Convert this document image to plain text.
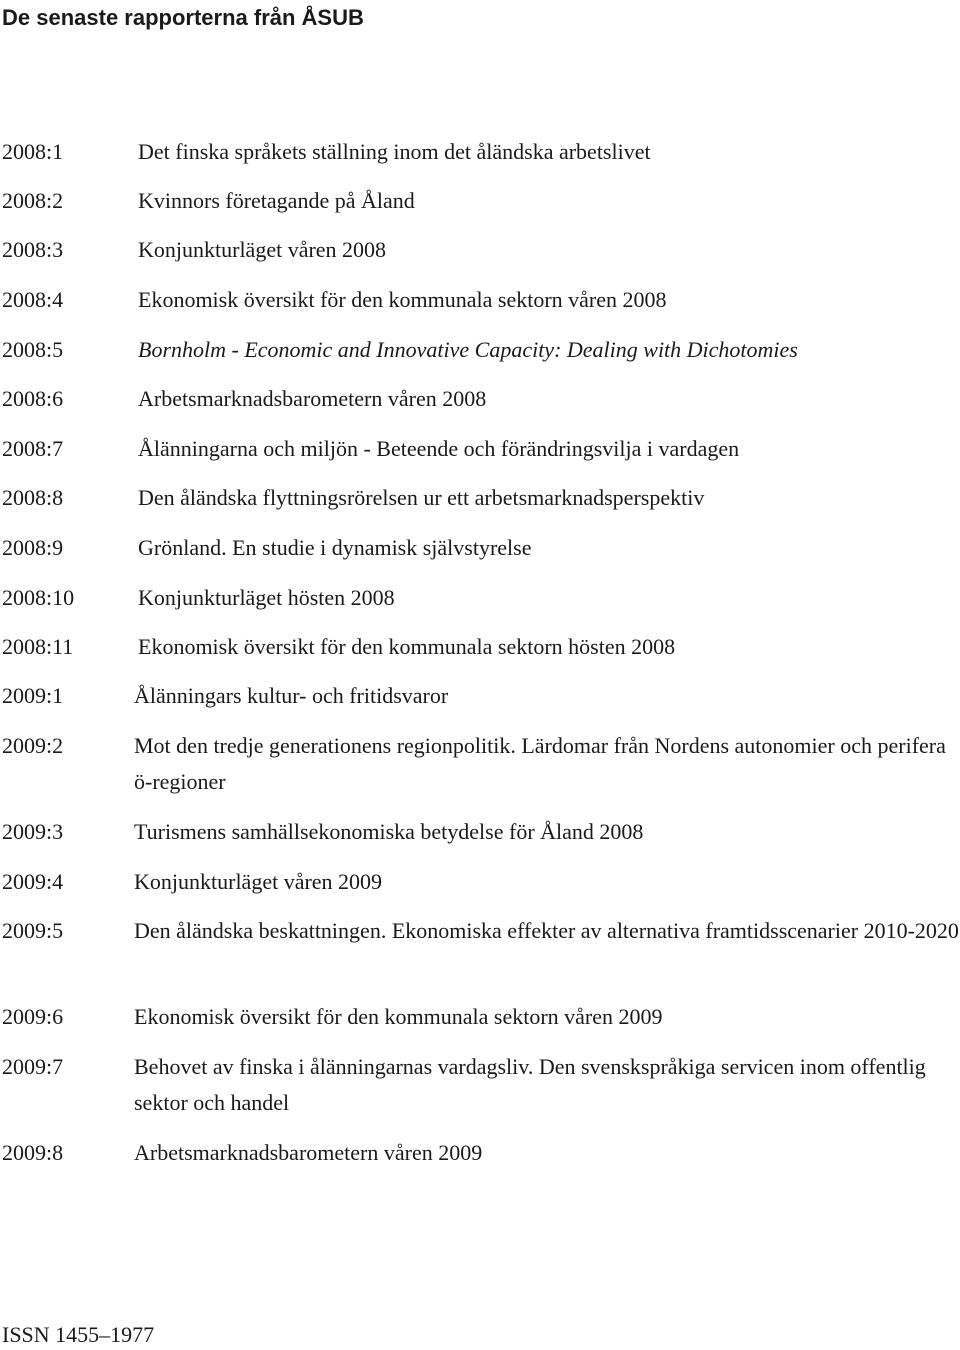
De senaste rapporterna från ÅSUB
2008:1	Det finska språkets ställning inom det åländska arbetslivet
2008:2	Kvinnors företagande på Åland
2008:3	Konjunkturläget våren 2008
2008:4	Ekonomisk översikt för den kommunala sektorn våren 2008
2008:5	Bornholm - Economic and Innovative Capacity: Dealing with Dichotomies
2008:6	Arbetsmarknadsbarometern våren 2008
2008:7	Ålänningarna och miljön - Beteende och förändringsvilja i vardagen
2008:8	Den åländska flyttningsrörelsen ur ett arbetsmarknadsperspektiv
2008:9	Grönland. En studie i dynamisk självstyrelse
2008:10	Konjunkturläget hösten 2008
2008:11	Ekonomisk översikt för den kommunala sektorn hösten 2008
2009:1	Ålänningars kultur- och fritidsvaror
2009:2	Mot den tredje generationens regionpolitik. Lärdomar från Nordens autonomier och perifera ö-regioner
2009:3	Turismens samhällsekonomiska betydelse för Åland 2008
2009:4	Konjunkturläget våren 2009
2009:5	Den åländska beskattningen. Ekonomiska effekter av alternativa framtidsscenarier 2010-2020
2009:6	Ekonomisk översikt för den kommunala sektorn våren 2009
2009:7	Behovet av finska i ålänningarnas vardagsliv. Den svenskspråkiga servicen inom offentlig sektor och handel
2009:8	Arbetsmarknadsbarometern våren 2009
ISSN 1455–1977
